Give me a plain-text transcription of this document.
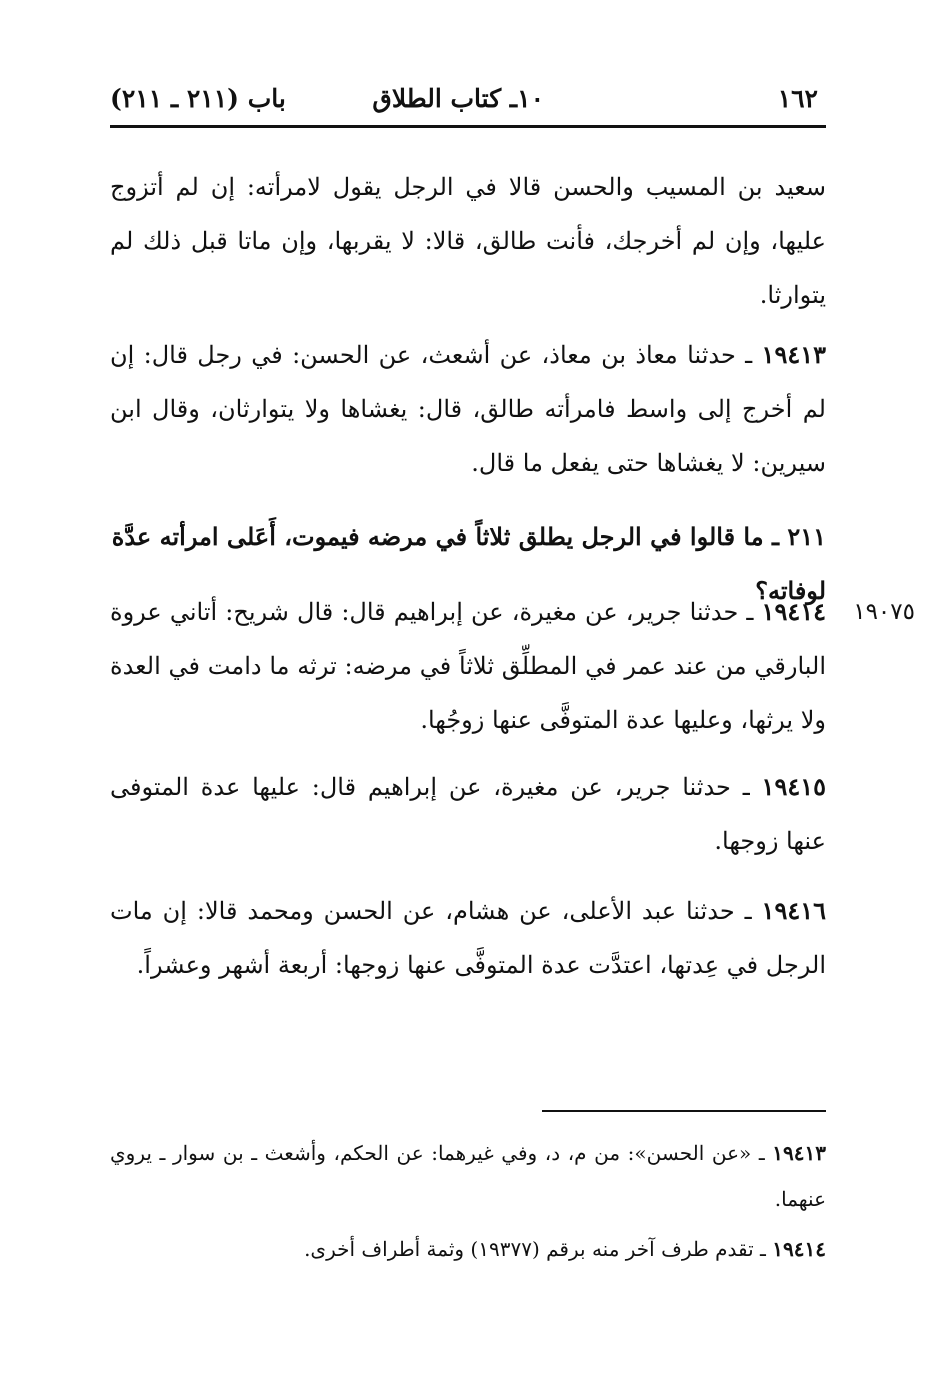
١٦٢
١٠ـ كتاب الطلاق
باب (٢١١ ـ ٢١١)
سعيد بن المسيب والحسن قالا في الرجل يقول لامرأته: إن لم أتزوج عليها، وإن لم أخرجك، فأنت طالق، قالا: لا يقربها، وإن ماتا قبل ذلك لم يتوارثا.
١٩٤١٣ ـ حدثنا معاذ بن معاذ، عن أشعث، عن الحسن: في رجل قال: إن لم أخرج إلى واسط فامرأته طالق، قال: يغشاها ولا يتوارثان، وقال ابن سيرين: لا يغشاها حتى يفعل ما قال.
٢١١ ـ ما قالوا في الرجل يطلق ثلاثاً في مرضه فيموت، أَعَلى امرأته عدَّة لوفاته؟
١٩٠٧٥
١٩٤١٤ ـ حدثنا جرير، عن مغيرة، عن إبراهيم قال: قال شريح: أتاني عروة البارقي من عند عمر في المطلِّق ثلاثاً في مرضه: ترثه ما دامت في العدة ولا يرثها، وعليها عدة المتوفَّى عنها زوجُها.
١٩٤١٥ ـ حدثنا جرير، عن مغيرة، عن إبراهيم قال: عليها عدة المتوفى عنها زوجها.
١٩٤١٦ ـ حدثنا عبد الأعلى، عن هشام، عن الحسن ومحمد قالا: إن مات الرجل في عِدتها، اعتدَّت عدة المتوفَّى عنها زوجها: أربعة أشهر وعشراً.
١٩٤١٣ ـ «عن الحسن»: من م، د، وفي غيرهما: عن الحكم، وأشعث ـ بن سوار ـ يروي عنهما.
١٩٤١٤ ـ تقدم طرف آخر منه برقم (١٩٣٧٧) وثمة أطراف أخرى.
